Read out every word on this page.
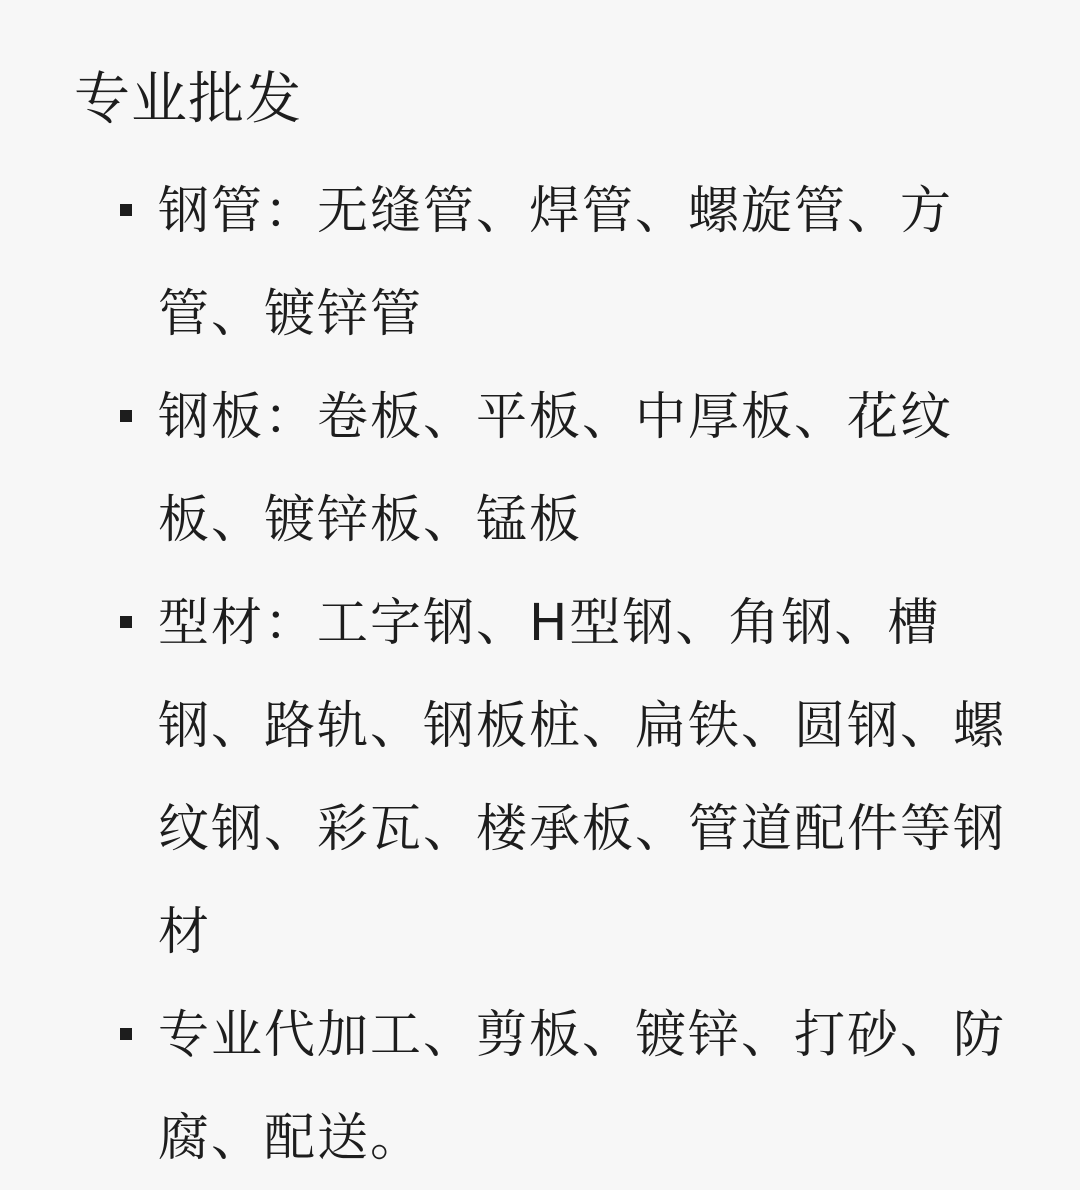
专业批发
钢管：无缝管、焊管、螺旋管、方管、镀锌管
钢板：卷板、平板、中厚板、花纹板、镀锌板、锰板
型材：工字钢、H型钢、角钢、槽钢、路轨、钢板桩、扁铁、圆钢、螺纹钢、彩瓦、楼承板、管道配件等钢材
专业代加工、剪板、镀锌、打砂、防腐、配送。
